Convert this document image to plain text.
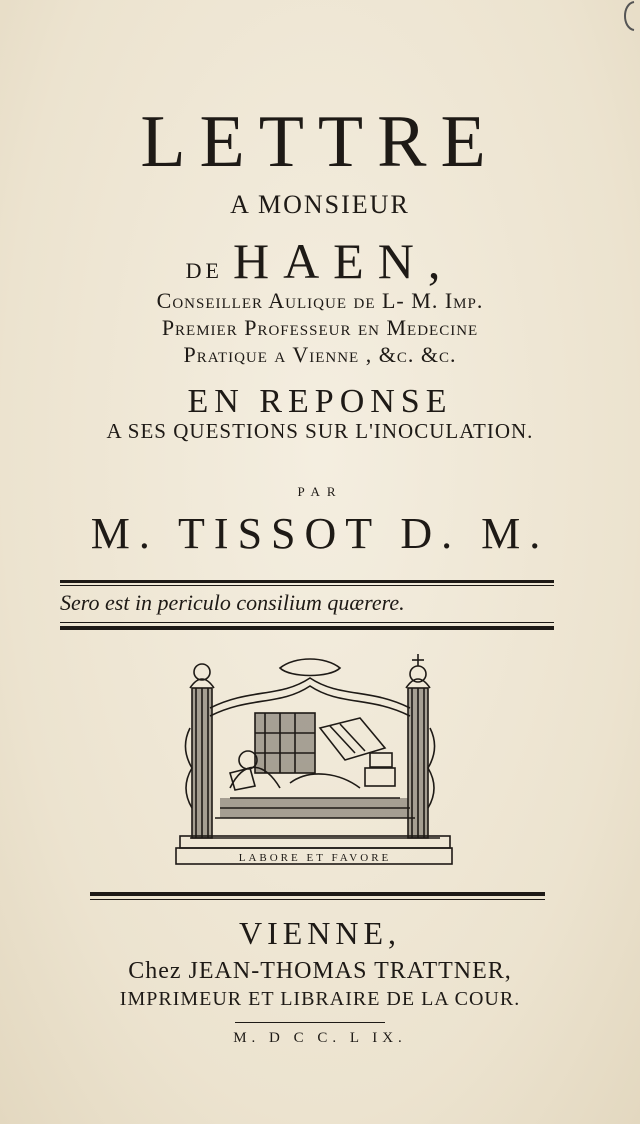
LETTRE
A MONSIEUR
DE HAEN,
Conseiller Aulique de L- M. Imp.
Premier Professeur en Medecine
Pratique a Vienne , &c. &c.
EN REPONSE
A SES QUESTIONS SUR L'INOCULATION.
PAR
M. TISSOT D. M.
Sero est in periculo consilium quærere.
LABORE ET FAVORE
VIENNE,
Chez JEAN-THOMAS TRATTNER,
IMPRIMEUR ET LIBRAIRE DE LA COUR.
M. D C C. L IX.
